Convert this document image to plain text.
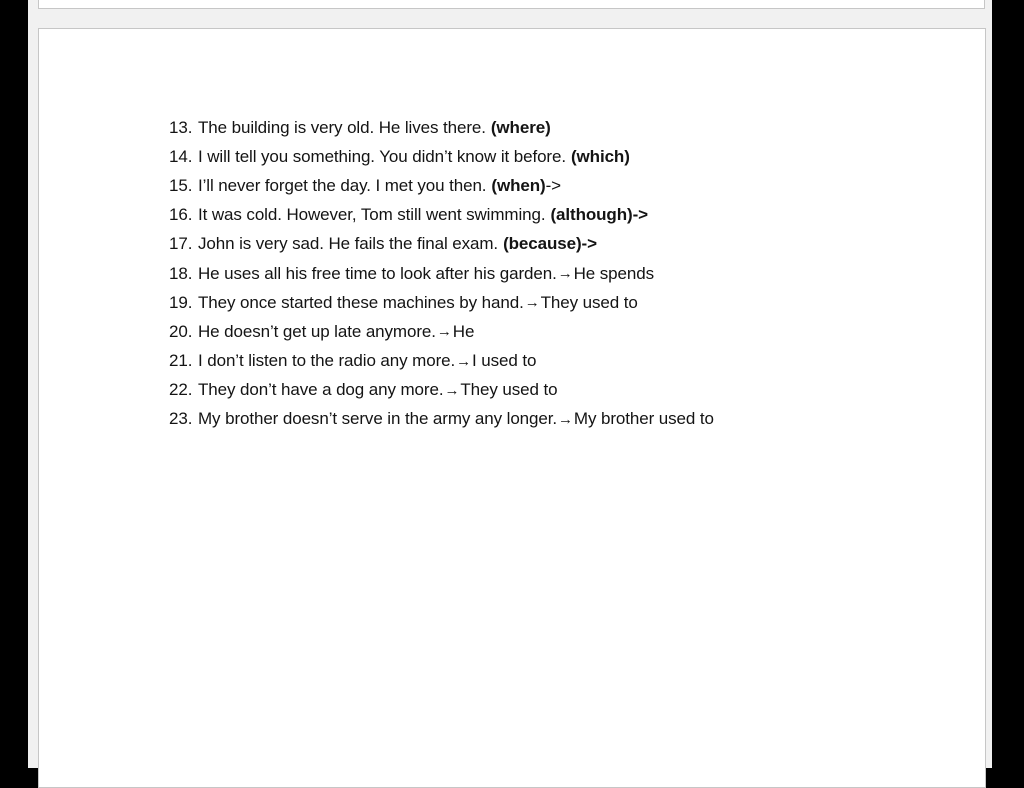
13. The building is very old. He lives there. (where)
14. I will tell you something. You didn’t know it before. (which)
15. I’ll never forget the day. I met you then. (when) ->
16. It was cold. However, Tom still went swimming. (although)->
17. John is very sad. He fails the final exam. (because)->
18. He uses all his free time to look after his garden. → He spends
19. They once started these machines by hand. → They used to
20. He doesn’t get up late anymore. → He
21. I don’t listen to the radio any more. → I used to
22. They don’t have a dog any more. → They used to
23. My brother doesn’t serve in the army any longer. → My brother used to
